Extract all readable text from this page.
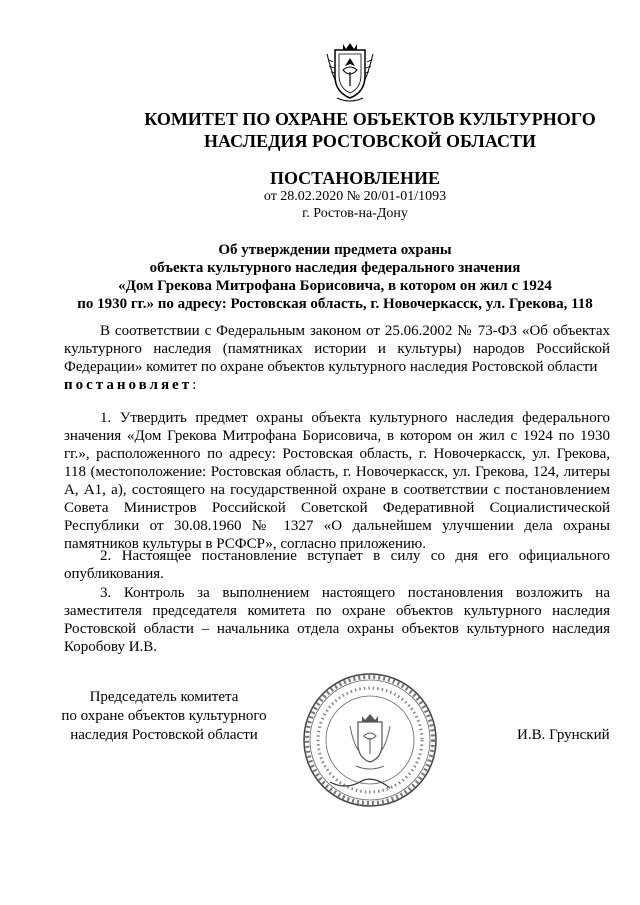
КОМИТЕТ ПО ОХРАНЕ ОБЪЕКТОВ КУЛЬТУРНОГО
НАСЛЕДИЯ РОСТОВСКОЙ ОБЛАСТИ
ПОСТАНОВЛЕНИЕ
от 28.02.2020 № 20/01-01/1093
г. Ростов-на-Дону
Об утверждении предмета охраны
объекта культурного наследия федерального значения
«Дом Грекова Митрофана Борисовича, в котором он жил с 1924
по 1930 гг.» по адресу: Ростовская область, г. Новочеркасск, ул. Грекова, 118
В соответствии с Федеральным законом от 25.06.2002 № 73-ФЗ «Об объектах культурного наследия (памятниках истории и культуры) народов Российской Федерации» комитет по охране объектов культурного наследия Ростовской области
постановляет:
1. Утвердить предмет охраны объекта культурного наследия федерального значения «Дом Грекова Митрофана Борисовича, в котором он жил с 1924 по 1930 гг.», расположенного по адресу: Ростовская область, г. Новочеркасск, ул. Грекова, 118 (местоположение: Ростовская область, г. Новочеркасск, ул. Грекова, 124, литеры А, А1, а), состоящего на государственной охране в соответствии с постановлением Совета Министров Российской Советской Федеративной Социалистической Республики от 30.08.1960 № 1327 «О дальнейшем улучшении дела охраны памятников культуры в РСФСР», согласно приложению.
2. Настоящее постановление вступает в силу со дня его официального опубликования.
3. Контроль за выполнением настоящего постановления возложить на заместителя председателя комитета по охране объектов культурного наследия Ростовской области – начальника отдела охраны объектов культурного наследия Коробову И.В.
Председатель комитета
по охране объектов культурного
наследия Ростовской области	И.В. Грунский
